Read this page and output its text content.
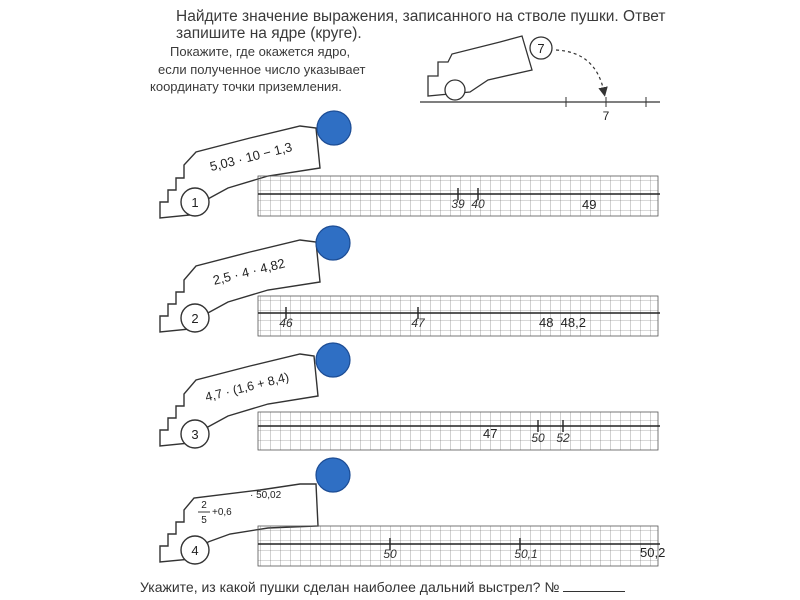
Найдите значение выражения, записанного на стволе пушки. Ответ
запишите на ядре (круге).
Покажите, где окажется ядро,
если полученное число указывает
координату точки приземления.
7
7
5,03 · 10 − 1,3
1	39 40
2,5 · 4 · 4,82
2	46	47
4,7 · (1,6 + 8,4)
3	50 52
2
5
+0,6
· 50,02
4	50	50,1
49
48  48,2
47
50,2
Укажите, из какой пушки сделан наиболее дальний выстрел? №
